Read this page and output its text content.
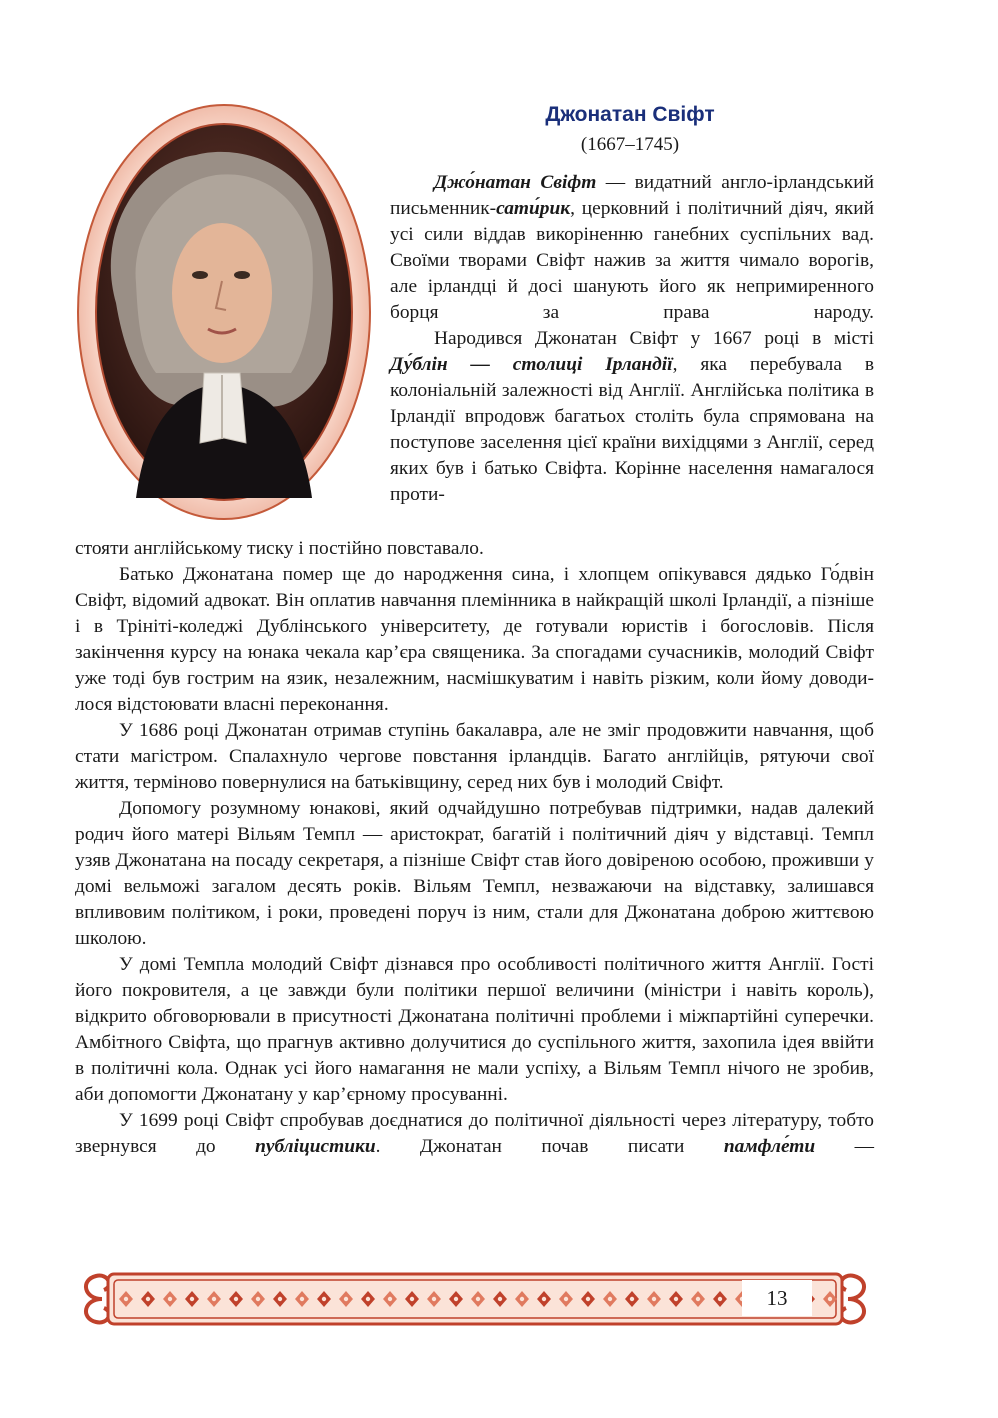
Джонатан Свіфт
(1667–1745)

Джо́натан Свіфт — видатний англо-ірландський письменник-сати́рик, церковний і політичний діяч, який усі сили віддав викоріненню ганебних суспільних вад. Своїми творами Свіфт нажив за життя чимало ворогів, але ірландці й досі шанують його як непримиренного борця за права народу.

Народився Джонатан Свіфт у 1667 році в місті Ду́блін — столиці Ірландії, яка перебувала в колоніальній залежності від Англії. Англійська політика в Ірландії впродовж багатьох століть була спрямована на поступове заселення цієї країни вихідцями з Англії, серед яких був і батько Свіфта. Корінне населення намагалося проти-

стояти англійському тиску і постійно повставало.

Батько Джонатана помер ще до народження сина, і хлопцем опікувався дядько Го́двін Свіфт, відомий адвокат. Він оплатив навчання племінника в найкращій школі Ірландії, а пізніше і в Трініті-коледжі Дублінського університету, де готували юристів і богословів. Після закінчення курсу на юнака чекала кар’єра священика. За спогадами сучасників, молодий Свіфт уже тоді був гострим на язик, незалежним, насмішкуватим і навіть різким, коли йому доводилося відстоювати власні переконання.

У 1686 році Джонатан отримав ступінь бакалавра, але не зміг продовжити навчання, щоб стати магістром. Спалахнуло чергове повстання ірландців. Багато англійців, рятуючи свої життя, терміново повернулися на батьківщину, серед них був і молодий Свіфт.

Допомогу розумному юнакові, який одчайдушно потребував підтримки, надав далекий родич його матері Вільям Темпл — аристократ, багатій і політичний діяч у відставці. Темпл узяв Джонатана на посаду секретаря, а пізніше Свіфт став його довіреною особою, проживши у домі вельможі загалом десять років. Вільям Темпл, незважаючи на відставку, залишався впливовим політиком, і роки, проведені поруч із ним, стали для Джонатана доброю життєвою школою.

У домі Темпла молодий Свіфт дізнався про особливості політичного життя Англії. Гості його покровителя, а це завжди були політики першої величини (міністри і навіть король), відкрито обговорювали в присутності Джонатана політичні проблеми і міжпартійні суперечки. Амбітного Свіфта, що прагнув активно долучитися до суспільного життя, захопила ідея ввійти в політичні кола. Однак усі його намагання не мали успіху, а Вільям Темпл нічого не зробив, аби допомогти Джонатану у кар’єрному просуванні.

У 1699 році Свіфт спробував доєднатися до політичної діяльності через літературу, тобто звернувся до публіцистики. Джонатан почав писати памфле́ти —

13
